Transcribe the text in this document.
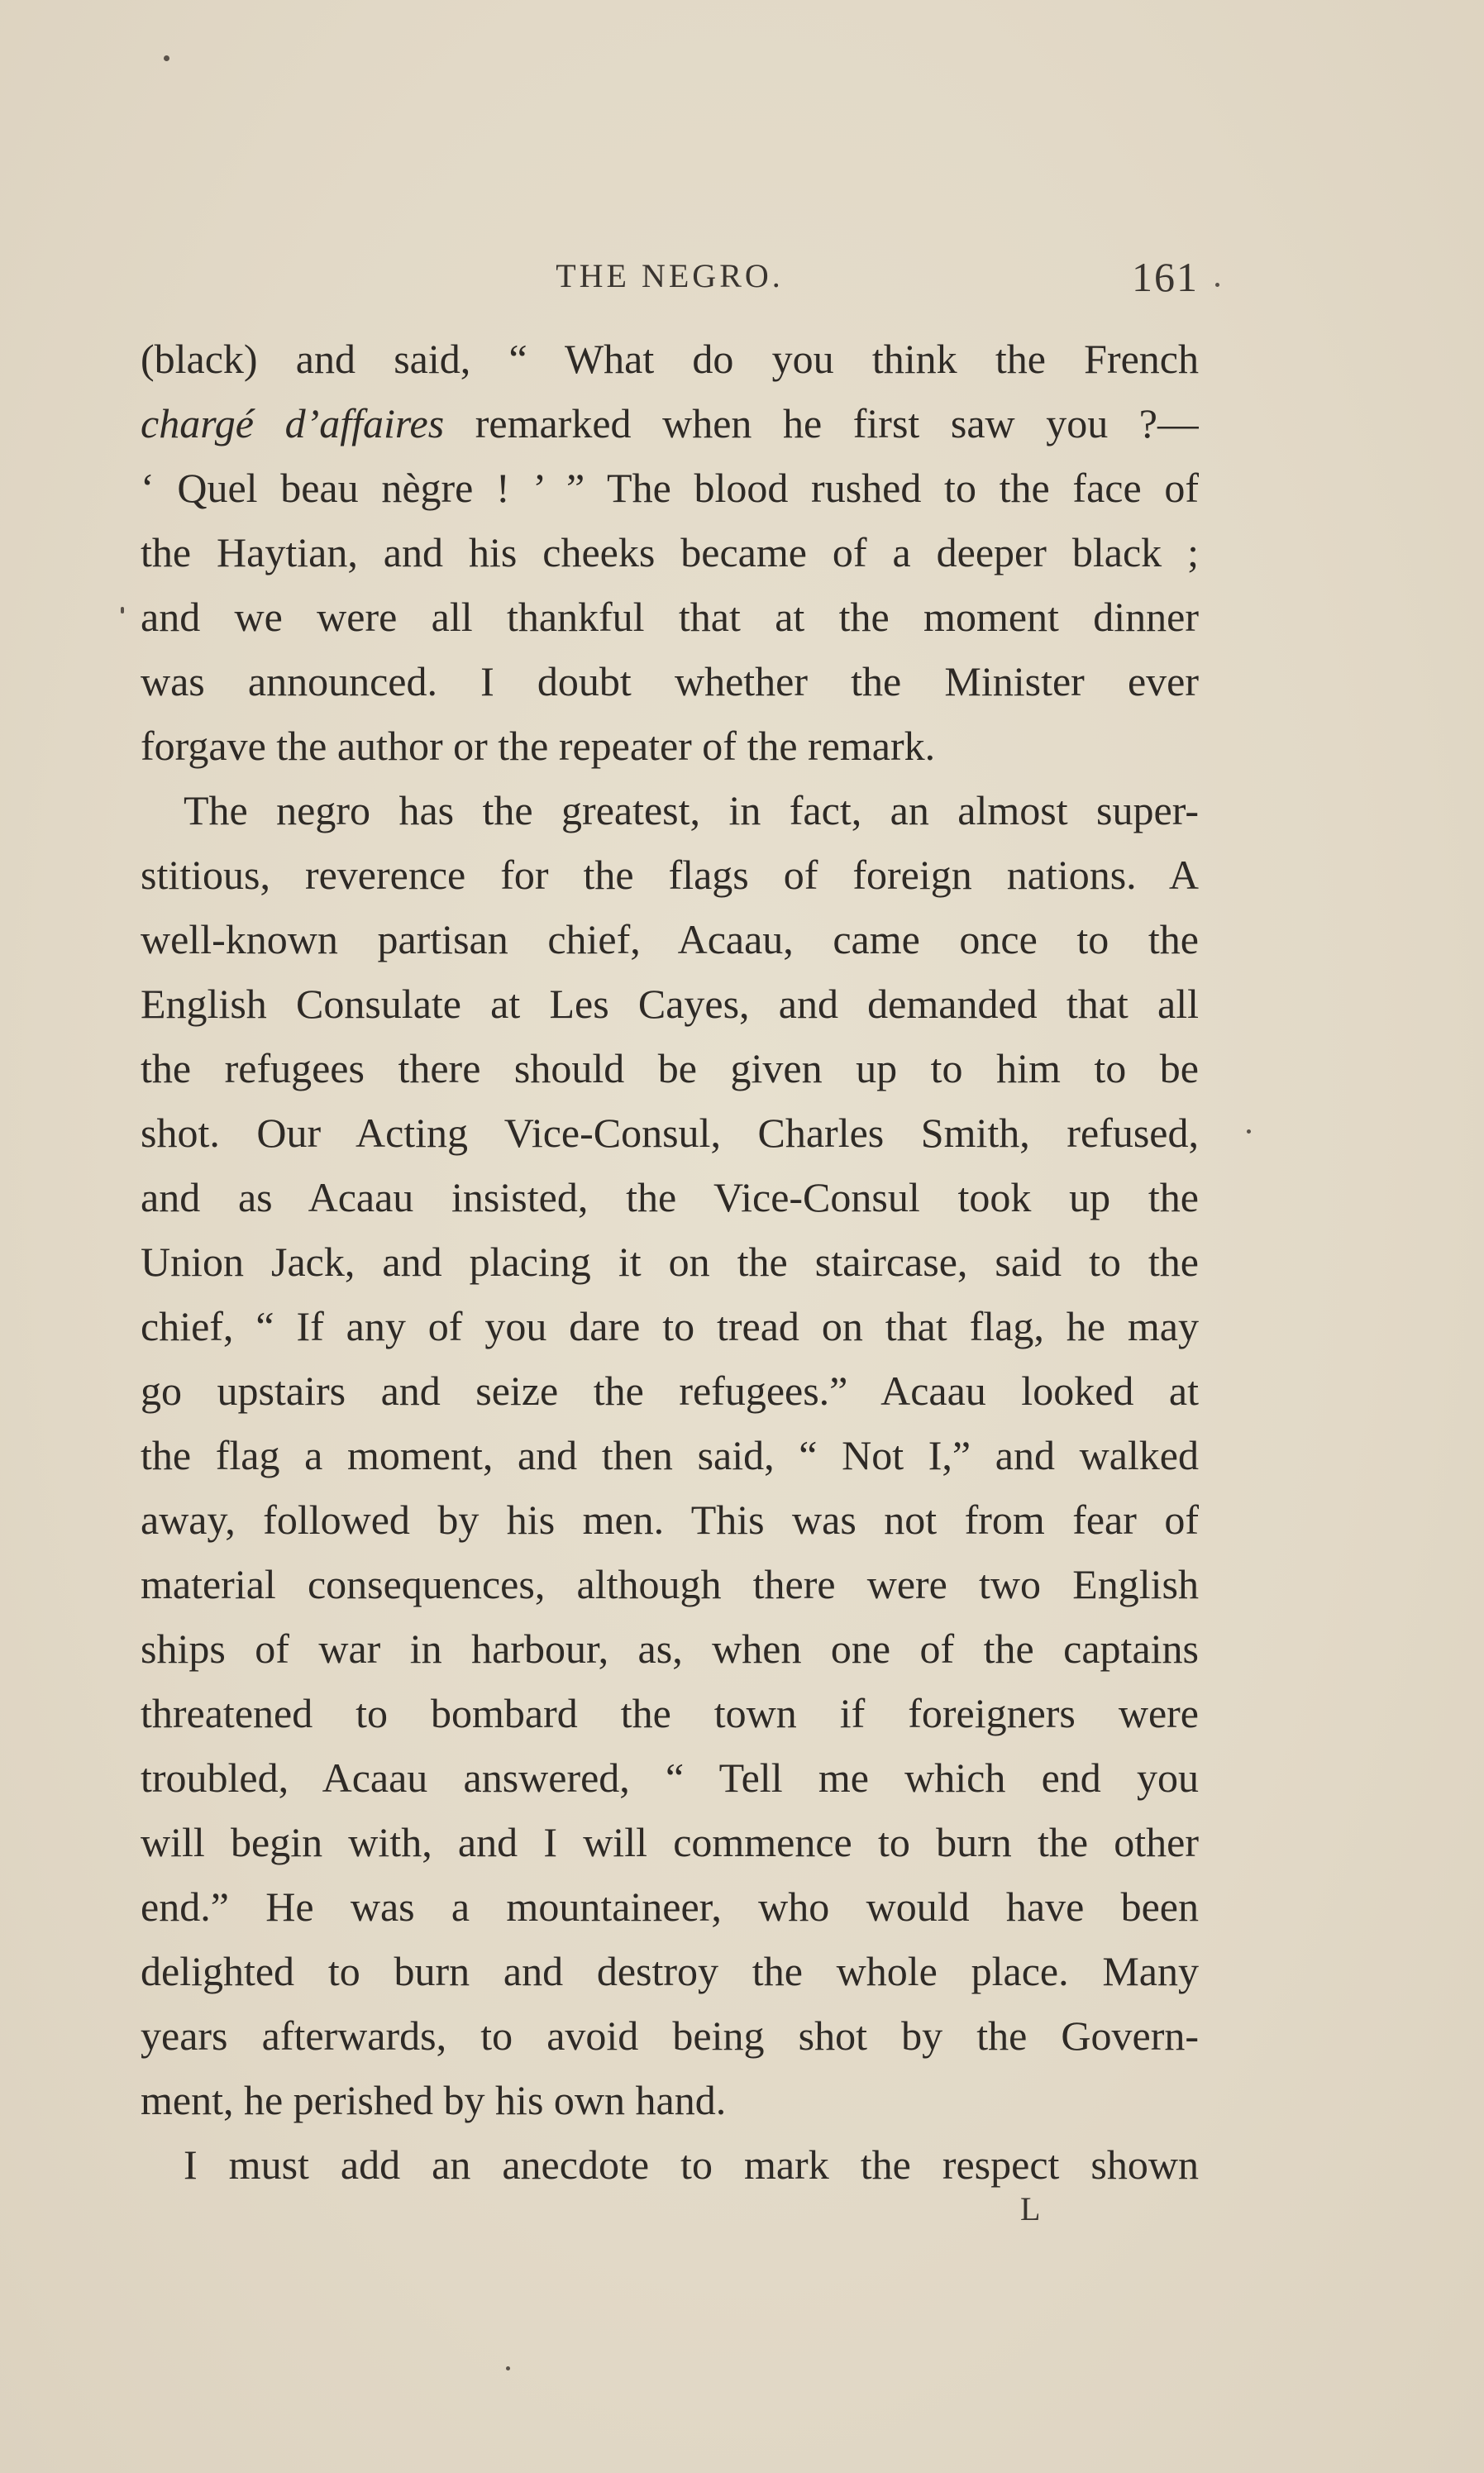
THE NEGRO.	161
(black) and said, “ What do you think the French
chargé d’affaires remarked when he first saw you ?—
‘ Quel beau nègre ! ’ ” The blood rushed to the face of
the Haytian, and his cheeks became of a deeper black ;
and we were all thankful that at the moment dinner
was announced. I doubt whether the Minister ever
forgave the author or the repeater of the remark.
The negro has the greatest, in fact, an almost super-
stitious, reverence for the flags of foreign nations. A
well-known partisan chief, Acaau, came once to the
English Consulate at Les Cayes, and demanded that all
the refugees there should be given up to him to be
shot. Our Acting Vice-Consul, Charles Smith, refused,
and as Acaau insisted, the Vice-Consul took up the
Union Jack, and placing it on the staircase, said to the
chief, “ If any of you dare to tread on that flag, he may
go upstairs and seize the refugees.” Acaau looked at
the flag a moment, and then said, “ Not I,” and walked
away, followed by his men. This was not from fear of
material consequences, although there were two English
ships of war in harbour, as, when one of the captains
threatened to bombard the town if foreigners were
troubled, Acaau answered, “ Tell me which end you
will begin with, and I will commence to burn the other
end.” He was a mountaineer, who would have been
delighted to burn and destroy the whole place. Many
years afterwards, to avoid being shot by the Govern-
ment, he perished by his own hand.
I must add an anecdote to mark the respect shown
L
